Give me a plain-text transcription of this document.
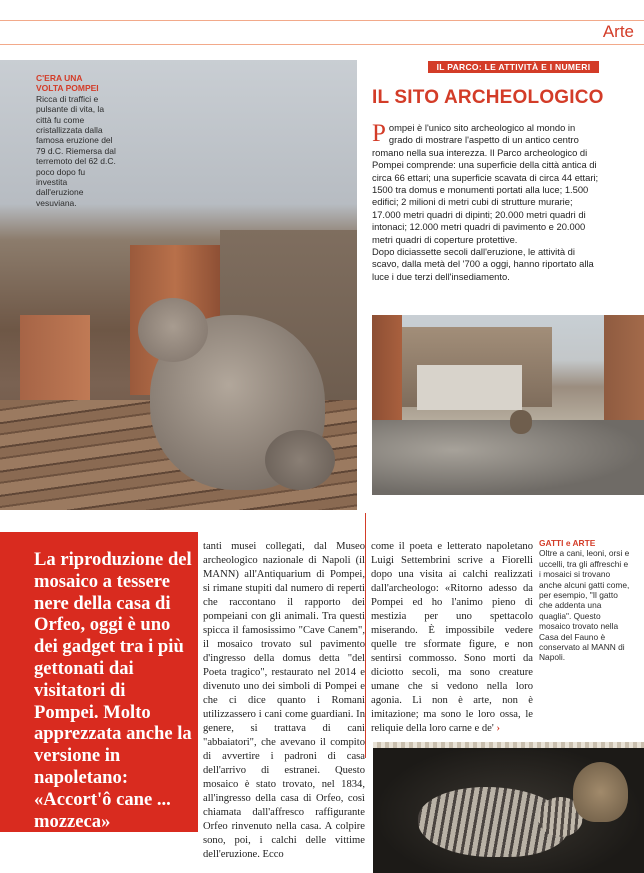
Arte
C'ERA UNA
VOLTA POMPEI
Ricca di traffici e pulsante di vita, la città fu come cristallizzata dalla famosa eruzione del 79 d.C. Riemersa dal terremoto del 62 d.C. poco dopo fu investita dall'eruzione vesuviana.
IL PARCO: LE ATTIVITÀ E I NUMERI
IL SITO ARCHEOLOGICO

Pompei è l'unico sito archeologico al mondo in grado di mostrare l'aspetto di un antico centro romano nella sua interezza. Il Parco archeologico di Pompei comprende: una superficie della città antica di circa 66 ettari; una superficie scavata di circa 44 ettari; 1500 tra domus e monumenti portati alla luce; 1.500 edifici; 2 milioni di metri cubi di strutture murarie; 17.000 metri quadri di dipinti; 20.000 metri quadri di intonaci; 12.000 metri quadri di pavimento e 20.000 metri quadri di coperture protettive.

Dopo diciassette secoli dall'eruzione, le attività di scavo, dalla metà del '700 a oggi, hanno riportato alla luce i due terzi dell'insediamento.

La riproduzione del mosaico a tessere nere della casa di Orfeo, oggi è uno dei gadget tra i più gettonati dai visitatori di Pompei. Molto apprezzata anche la versione in napoletano: «Accort'ô cane ... mozzeca»
tanti musei collegati, dal Museo archeologico nazionale di Napoli (il MANN) all'Antiquarium di Pompei, si rimane stupiti dal numero di reperti che raccontano il rapporto dei pompeiani con gli animali. Tra questi spicca il famosissimo "Cave Canem", il mosaico trovato sul pavimento d'ingresso della domus detta "del Poeta tragico", restaurato nel 2014 e divenuto uno dei simboli di Pompei e che ci dice quanto i Romani utilizzassero i cani come guardiani. In genere, si trattava di cani "abbaiatori", che avevano il compito di avvertire i padroni di casa dell'arrivo di estranei. Questo mosaico è stato trovato, nel 1834, all'ingresso della casa di Orfeo, così chiamata dall'affresco raffigurante Orfeo rinvenuto nella casa. A colpire sono, poi, i calchi delle vittime dell'eruzione. Ecco
come il poeta e letterato napoletano Luigi Settembrini scrive a Fiorelli dopo una visita ai calchi realizzati dall'archeologo: «Ritorno adesso da Pompei ed ho l'animo pieno di mestizia per uno spettacolo miserando. È impossibile vedere quelle tre sformate figure, e non sentirsi commosso. Sono morti da diciotto secoli, ma sono creature umane che si vedono nella loro agonia. Lì non è arte, non è imitazione; ma sono le loro ossa, le reliquie della loro carne e de' ›
GATTI e ARTE
Oltre a cani, leoni, orsi e uccelli, tra gli affreschi e i mosaici si trovano anche alcuni gatti come, per esempio, "Il gatto che addenta una quaglia". Questo mosaico trovato nella Casa del Fauno è conservato al MANN di Napoli.
